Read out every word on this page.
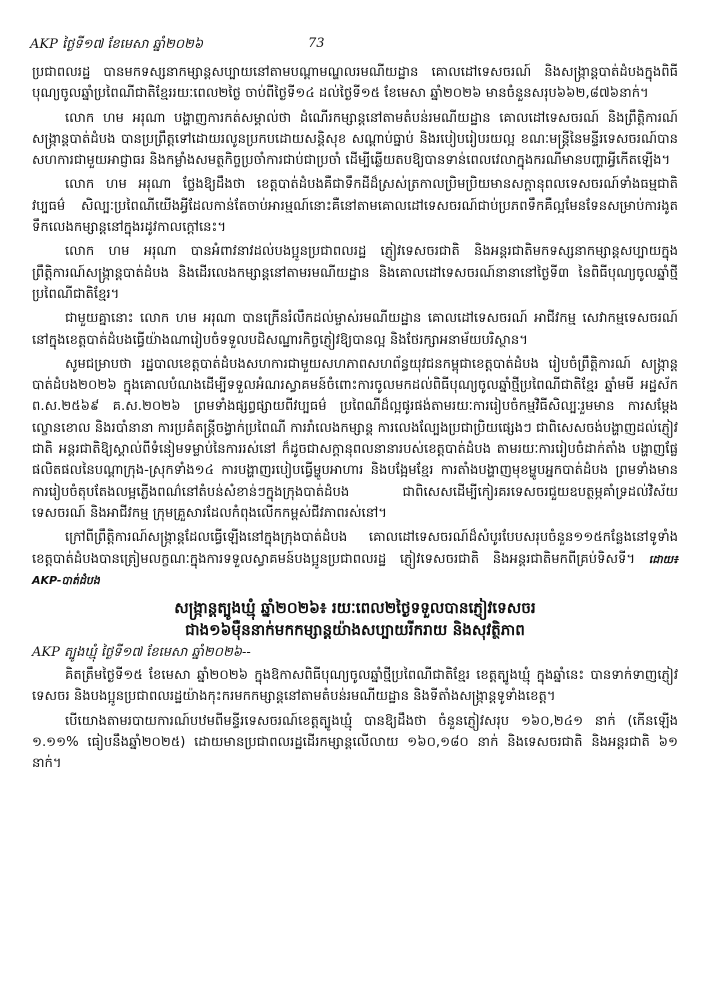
AKP ថ្ងៃទី១៧ ខែមេសា ឆ្នាំ២០២៦	73

ប្រជាពលរដ្ឋ បានមកទស្សនាកម្សាន្តសប្បាយនៅតាមបណ្តាមណ្ឌលរមណីយដ្ឋាន គោលដៅទេសចរណ៍ និងសង្ក្រាន្តបាត់ដំបងក្នុងពិធីបុណ្យចូលឆ្នាំប្រពៃណីជាតិខ្មែររយៈពេល២ថ្ងៃ ចាប់ពីថ្ងៃទី១៤ ដល់ថ្ងៃទី១៥ ខែមេសា ឆ្នាំ២០២៦ មានចំនួនសរុប៦៦២,៨៧៦នាក់។

លោក ហម អរុណា បង្ហាញការកត់សម្គាល់ថា ដំណើរកម្សាន្តនៅតាមតំបន់រមណីយដ្ឋាន គោលដៅទេសចរណ៍ និងព្រឹត្តិការណ៍សង្ក្រាន្តបាត់ដំបង បានប្រព្រឹត្តទៅដោយរលូនប្រកបដោយសន្តិសុខ សណ្តាប់ធ្នាប់ និងរបៀបរៀបរយល្អ ខណៈមន្ត្រីនៃមន្ទីរទេសចរណ៍បានសហការជាមួយអាជ្ញាធរ និងកម្លាំងសមត្ថកិច្ចប្រចាំការជាប់ជាប្រចាំ ដើម្បីឆ្លើយតបឱ្យបានទាន់ពេលវេលាក្នុងករណីមានបញ្ហាអ្វីកើតឡើង។

លោក ហម អរុណា ថ្លែងឱ្យដឹងថា ខេត្តបាត់ដំបងគឺជាទឹកដីដ៏ស្រស់ត្រកាលប្រិមប្រិយមានសក្តានុពលទេសចរណ៍ទាំងធម្មជាតិ វប្បធម៌ សិល្បៈប្រពៃណីយើងអ្វីដែលកាន់តែចាប់អារម្មណ៍នោះគឺនៅតាមគោលដៅទេសចរណ៍ជាប់ប្រភពទឹកគឺល្អមែនទែនសម្រាប់ការងូតទឹកលេងកម្សាន្តនៅក្នុងរដូវកាលក្តៅនេះ។

លោក ហម អរុណា បានអំពាវនាវដល់បងប្អូនប្រជាពលរដ្ឋ ភ្ញៀវទេសចរជាតិ និងអន្តរជាតិមកទស្សនាកម្សាន្តសប្បាយក្នុងព្រឹត្តិការណ៍សង្ក្រាន្តបាត់ដំបង និងដើរលេងកម្សាន្តនៅតាមរមណីយដ្ឋាន និងគោលដៅទេសចរណ៍នានានៅថ្ងៃទី៣ នៃពិធីបុណ្យចូលឆ្នាំថ្មីប្រពៃណីជាតិខ្មែរ។

ជាមួយគ្នានោះ លោក ហម អរុណា បានក្រើនរំលឹកដល់ម្ចាស់រមណីយដ្ឋាន គោលដៅទេសចរណ៍ អាជីវកម្ម សេវាកម្មទេសចរណ៍នៅក្នុងខេត្តបាត់ដំបងធ្វើយ៉ាងណារៀបចំទទួលបដិសណ្ឋារកិច្ចភ្ញៀវឱ្យបានល្អ និងថែរក្សាអនាម័យបរិស្ថាន។

សូមជម្រាបថា រដ្ឋបាលខេត្តបាត់ដំបងសហការជាមួយសហភាពសហព័ន្ធយុវជនកម្ពុជាខេត្តបាត់ដំបង រៀបចំព្រឹត្តិការណ៍ សង្ក្រាន្តបាត់ដំបង២០២៦ ក្នុងគោលបំណងដើម្បីទទួលអំណរស្វាគមន៍ចំពោះការចូលមកដល់ពិធីបុណ្យចូលឆ្នាំថ្មីប្រពៃណីជាតិខ្មែរ ឆ្នាំមមី អដ្ឋស័ក ព.ស.២៥៦៩ គ.ស.២០២៦ ព្រមទាំងផ្សព្វផ្សាយពីវប្បធម៌ ប្រពៃណីដ៏ល្អផូរផង់តាមរយៈការរៀបចំកម្មវិធីសិល្បៈរួមមាន ការសម្តែងល្ខោនខោល និងរបាំនានា ការប្រគំតន្ត្រីចង្វាក់ប្រពៃណី ការរាំលេងកម្សាន្ត ការលេងល្បែងប្រជាប្រិយផ្សេងៗ ជាពិសេសចង់បង្ហាញដល់ភ្ញៀវជាតិ អន្តរជាតិឱ្យស្គាល់ពីទំនៀមទម្លាប់នៃការរស់នៅ ក៏ដូចជាសក្តានុពលនានារបស់ខេត្តបាត់ដំបង តាមរយៈការរៀបចំដាក់តាំង បង្ហាញផ្លែផលិតផលនៃបណ្តាក្រុង-ស្រុកទាំង១៤ ការបង្ហាញរបៀបធ្វើម្ហូបអាហារ និងបង្អែមខ្មែរ ការតាំងបង្ហាញមុខម្ហូបអ្នកបាត់ដំបង ព្រមទាំងមានការរៀបចំតុបតែងលម្អភ្លើងពណ៌នៅតំបន់សំខាន់ៗក្នុងក្រុងបាត់ដំបង ជាពិសេសដើម្បីកៀរគរទេសចរជួយឧបត្ថម្ភគាំទ្រដល់វិស័យទេសចរណ៍ និងអាជីវកម្ម ក្រុមគ្រួសារដែលកំពុងលើកកម្ពស់ជីវភាពរស់នៅ។

ក្រៅពីព្រឹត្តិការណ៍សង្ក្រាន្តដែលធ្វើឡើងនៅក្នុងក្រុងបាត់ដំបង គោលដៅទេសចរណ៍ដ៏សំបូរបែបសរុបចំនួន១១៥កន្លែងនៅទូទាំងខេត្តបាត់ដំបងបានត្រៀមលក្ខណៈក្នុងការទទួលស្វាគមន៍បងប្អូនប្រជាពលរដ្ឋ ភ្ញៀវទេសចរជាតិ និងអន្តរជាតិមកពីគ្រប់ទិសទី។ ដោយ៖ AKP-បាត់ដំបង

សង្ក្រាន្តត្បូងឃ្មុំ ឆ្នាំ២០២៦៖ រយៈពេល២ថ្ងៃទទួលបានភ្ញៀវទេសចរ
ជាង១៦ម៉ឺននាក់មកកម្សាន្តយ៉ាងសប្បាយរីករាយ និងសុវត្ថិភាព
AKP ត្បូងឃ្មុំ ថ្ងៃទី១៧ ខែមេសា ឆ្នាំ២០២៦--

គិតត្រឹមថ្ងៃទី១៥ ខែមេសា ឆ្នាំ២០២៦ ក្នុងឱកាសពិធីបុណ្យចូលឆ្នាំថ្មីប្រពៃណីជាតិខ្មែរ ខេត្តត្បូងឃ្មុំ ក្នុងឆ្នាំនេះ បានទាក់ទាញភ្ញៀវទេសចរ និងបងប្អូនប្រជាពលរដ្ឋយ៉ាងកុះករមកកម្សាន្តនៅតាមតំបន់រមណីយដ្ឋាន និងទីតាំងសង្ក្រាន្តទូទាំងខេត្ត។

បើយោងតាមរបាយការណ៍បឋមពីមន្ទីរទេសចរណ៍ខេត្តត្បូងឃ្មុំ បានឱ្យដឹងថា ចំនួនភ្ញៀវសរុប ១៦០,២៤១ នាក់ (កើនឡើង ១.១១% ធៀបនឹងឆ្នាំ២០២៥) ដោយមានប្រជាពលរដ្ឋដើរកម្សាន្តលើលាយ ១៦០,១៨០ នាក់ និងទេសចរជាតិ និងអន្តរជាតិ ៦១ នាក់។
